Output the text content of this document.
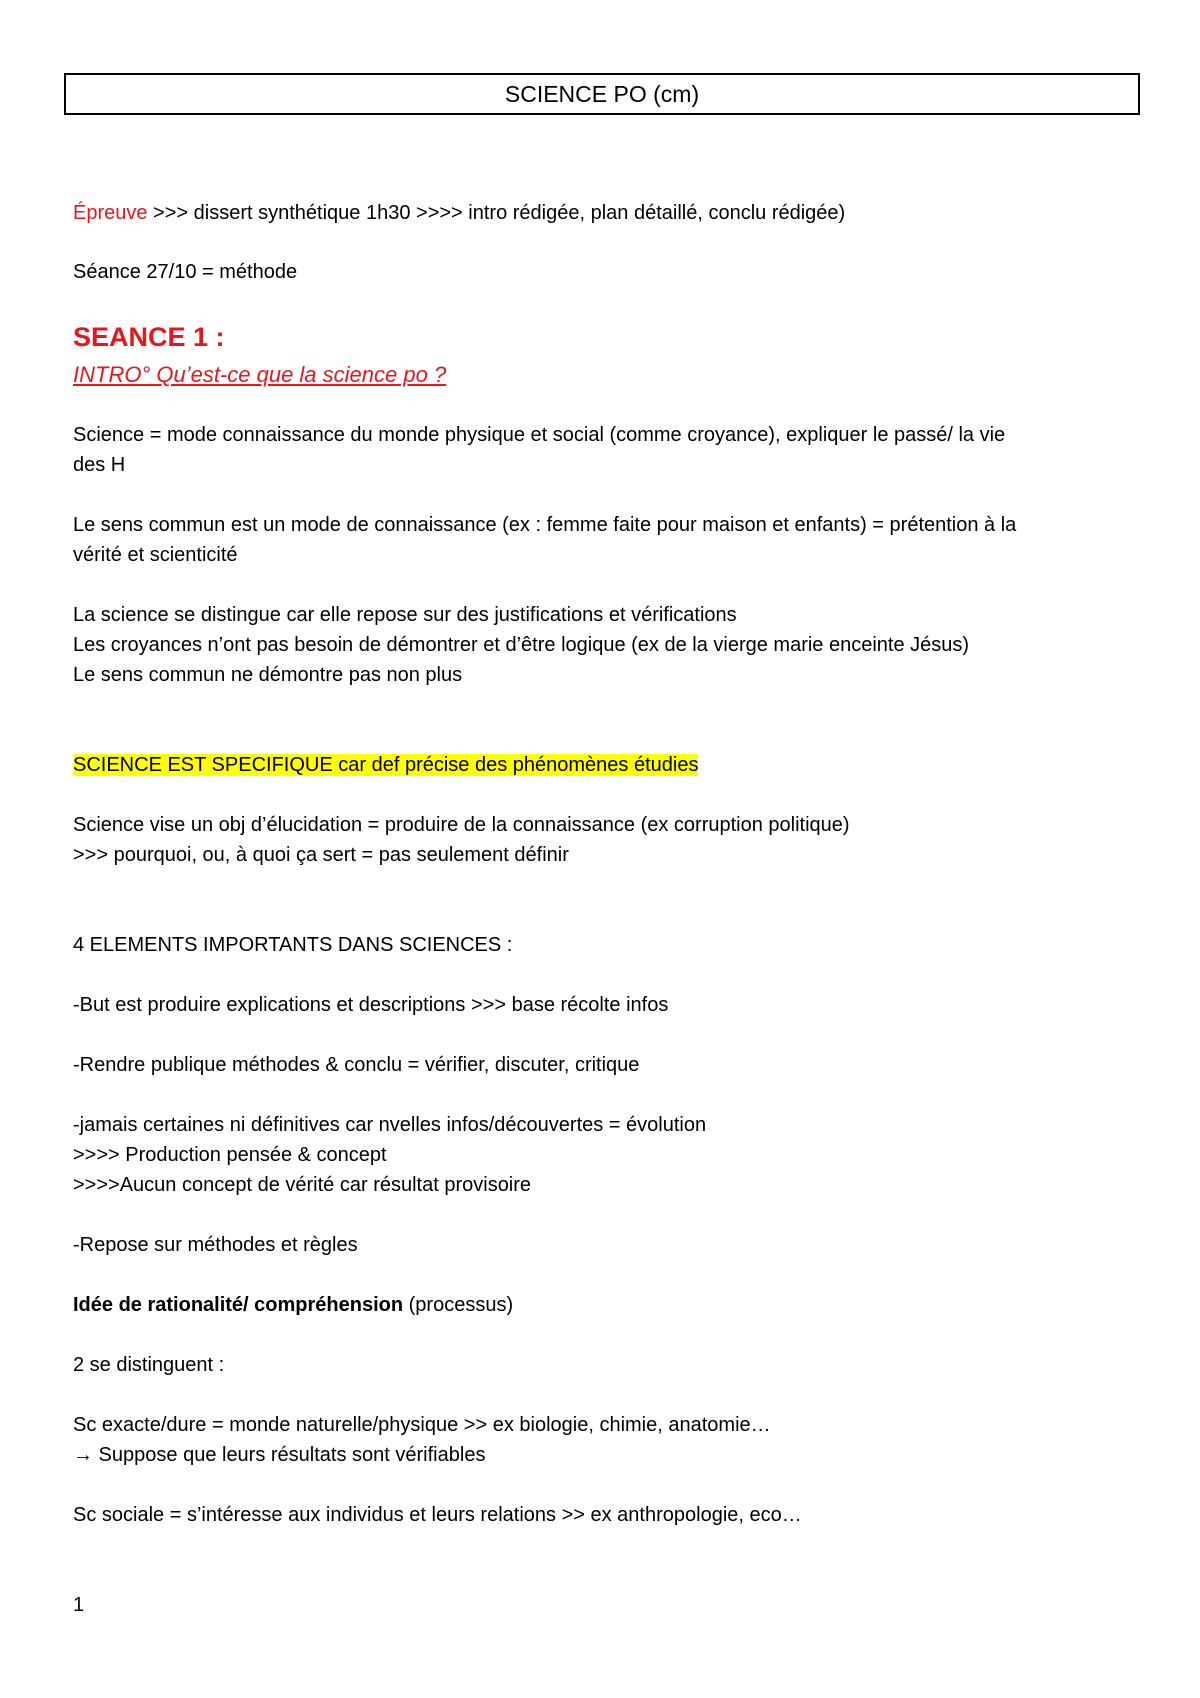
SCIENCE PO (cm)
Épreuve >>> dissert synthétique 1h30 >>>> intro rédigée, plan détaillé, conclu rédigée)
Séance 27/10 = méthode
SEANCE 1 :
INTRO° Qu’est-ce que la science po ?
Science = mode connaissance du monde physique et social (comme croyance), expliquer le passé/ la vie
des H
Le sens commun est un mode de connaissance (ex : femme faite pour maison et enfants) = prétention à la
vérité et scienticité
La science se distingue car elle repose sur des justifications et vérifications
Les croyances n’ont pas besoin de démontrer et d’être logique (ex de la vierge marie enceinte Jésus)
Le sens commun ne démontre pas non plus
SCIENCE EST SPECIFIQUE car def précise des phénomènes étudies
Science vise un obj d’élucidation = produire de la connaissance (ex corruption politique)
>>> pourquoi, ou, à quoi ça sert = pas seulement définir
4 ELEMENTS IMPORTANTS DANS SCIENCES :
-But est produire explications et descriptions >>> base récolte infos
-Rendre publique méthodes & conclu = vérifier, discuter, critique
-jamais certaines ni définitives car nvelles infos/découvertes = évolution
>>>> Production pensée & concept
>>>>Aucun concept de vérité car résultat provisoire
-Repose sur méthodes et règles
Idée de rationalité/ compréhension (processus)
2 se distinguent :
Sc exacte/dure = monde naturelle/physique >> ex biologie, chimie, anatomie…
→ Suppose que leurs résultats sont vérifiables
Sc sociale = s’intéresse aux individus et leurs relations >> ex anthropologie, eco…
1
